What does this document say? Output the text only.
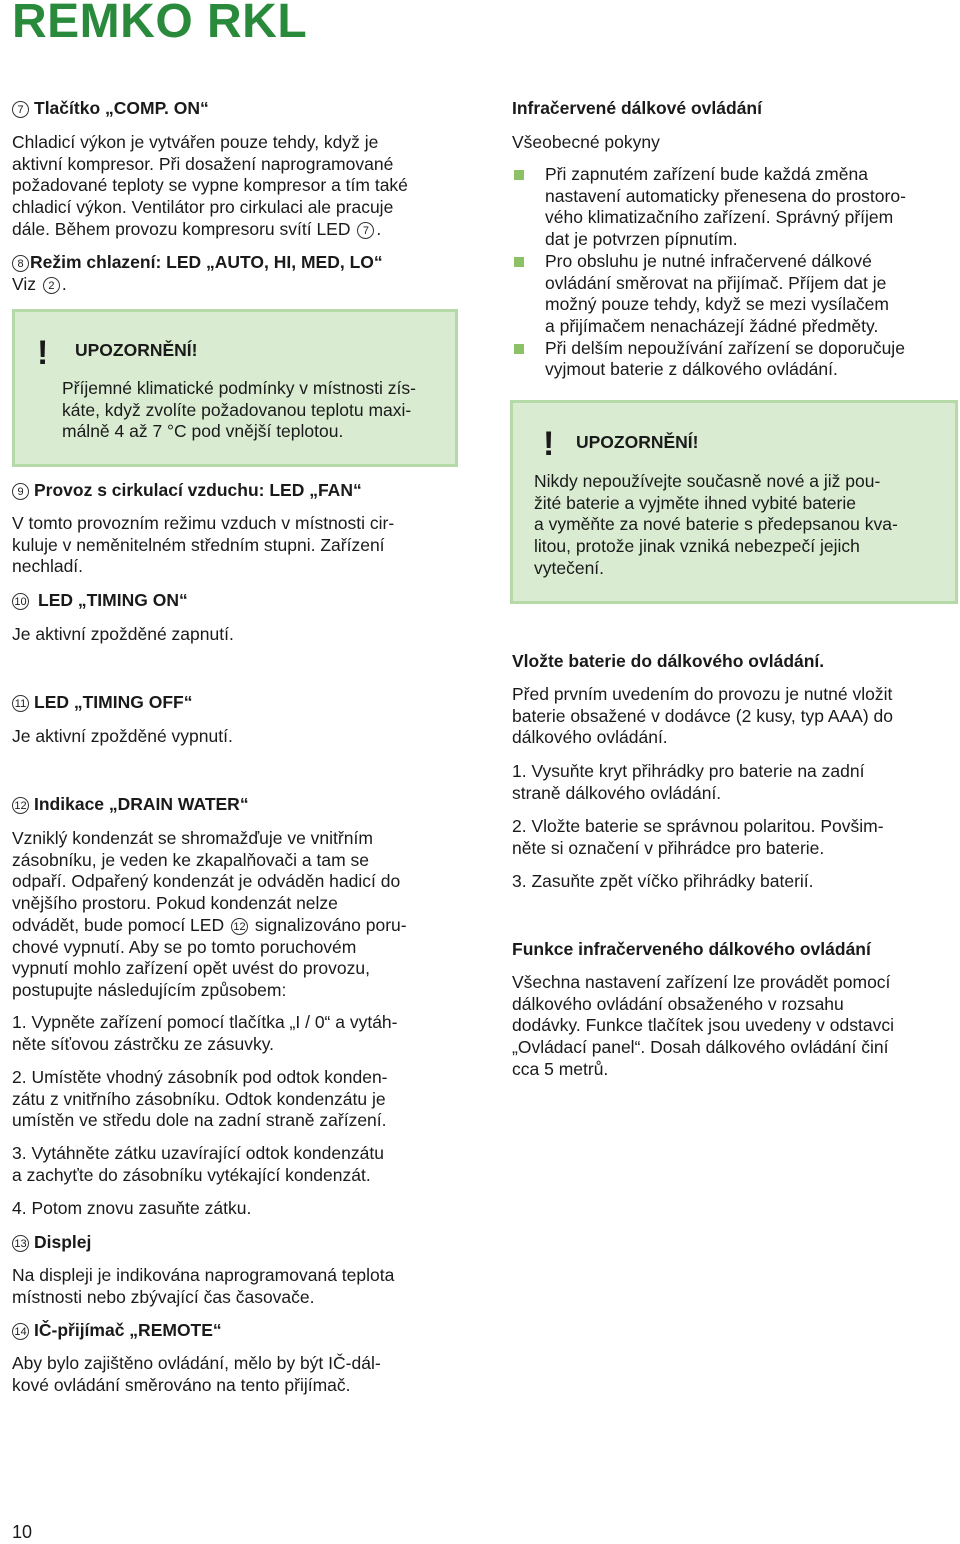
REMKO RKL
7 Tlačítko „COMP. ON“
Chladicí výkon je vytvářen pouze tehdy, když je
aktivní kompresor. Při dosažení naprogramované
požadované teploty se vypne kompresor a tím také
chladicí výkon. Ventilátor pro cirkulaci ale pracuje
dále. Během provozu kompresoru svítí LED 7 .
8 Režim chlazení: LED „AUTO, HI, MED, LO“
Viz 2 .
! UPOZORNĚNÍ!
Příjemné klimatické podmínky v místnosti zís-
káte, když zvolíte požadovanou teplotu maxi-
málně 4 až 7 °C pod vnější teplotou.
9 Provoz s cirkulací vzduchu: LED „FAN“
V tomto provozním režimu vzduch v místnosti cir-
kuluje v neměnitelném středním stupni. Zařízení
nechladí.
10 LED „TIMING ON“
Je aktivní zpožděné zapnutí.
11 LED „TIMING OFF“
Je aktivní zpožděné vypnutí.
12 Indikace „DRAIN WATER“
Vzniklý kondenzát se shromažďuje ve vnitřním
zásobníku, je veden ke zkapalňovači a tam se
odpaří. Odpařený kondenzát je odváděn hadicí do
vnějšího prostoru. Pokud kondenzát nelze
odvádět, bude pomocí LED 12 signalizováno poru-
chové vypnutí. Aby se po tomto poruchovém
vypnutí mohlo zařízení opět uvést do provozu,
postupujte následujícím způsobem:
1. Vypněte zařízení pomocí tlačítka „I / 0“ a vytáh-
něte síťovou zástrčku ze zásuvky.
2. Umístěte vhodný zásobník pod odtok konden-
zátu z vnitřního zásobníku. Odtok kondenzátu je
umístěn ve středu dole na zadní straně zařízení.
3. Vytáhněte zátku uzavírající odtok kondenzátu
a zachyťte do zásobníku vytékající kondenzát.
4. Potom znovu zasuňte zátku.
13 Displej
Na displeji je indikována naprogramovaná teplota
místnosti nebo zbývající čas časovače.
14 IČ-přijímač „REMOTE“
Aby bylo zajištěno ovládání, mělo by být IČ-dál-
kové ovládání směrováno na tento přijímač.
Infračervené dálkové ovládání
Všeobecné pokyny
Při zapnutém zařízení bude každá změna
nastavení automaticky přenesena do prostoro-
vého klimatizačního zařízení. Správný příjem
dat je potvrzen pípnutím.
Pro obsluhu je nutné infračervené dálkové
ovládání směrovat na přijímač. Příjem dat je
možný pouze tehdy, když se mezi vysílačem
a přijímačem nenacházejí žádné předměty.
Při delším nepoužívání zařízení se doporučuje
vyjmout baterie z dálkového ovládání.
! UPOZORNĚNÍ!
Nikdy nepoužívejte současně nové a již pou-
žité baterie a vyjměte ihned vybité baterie
a vyměňte za nové baterie s předepsanou kva-
litou, protože jinak vzniká nebezpečí jejich
vytečení.
Vložte baterie do dálkového ovládání.
Před prvním uvedením do provozu je nutné vložit
baterie obsažené v dodávce (2 kusy, typ AAA) do
dálkového ovládání.
1. Vysuňte kryt přihrádky pro baterie na zadní
straně dálkového ovládání.
2. Vložte baterie se správnou polaritou. Povšim-
něte si označení v přihrádce pro baterie.
3. Zasuňte zpět víčko přihrádky baterií.
Funkce infračerveného dálkového ovládání
Všechna nastavení zařízení lze provádět pomocí
dálkového ovládání obsaženého v rozsahu
dodávky. Funkce tlačítek jsou uvedeny v odstavci
„Ovládací panel“. Dosah dálkového ovládání činí
cca 5 metrů.
10
